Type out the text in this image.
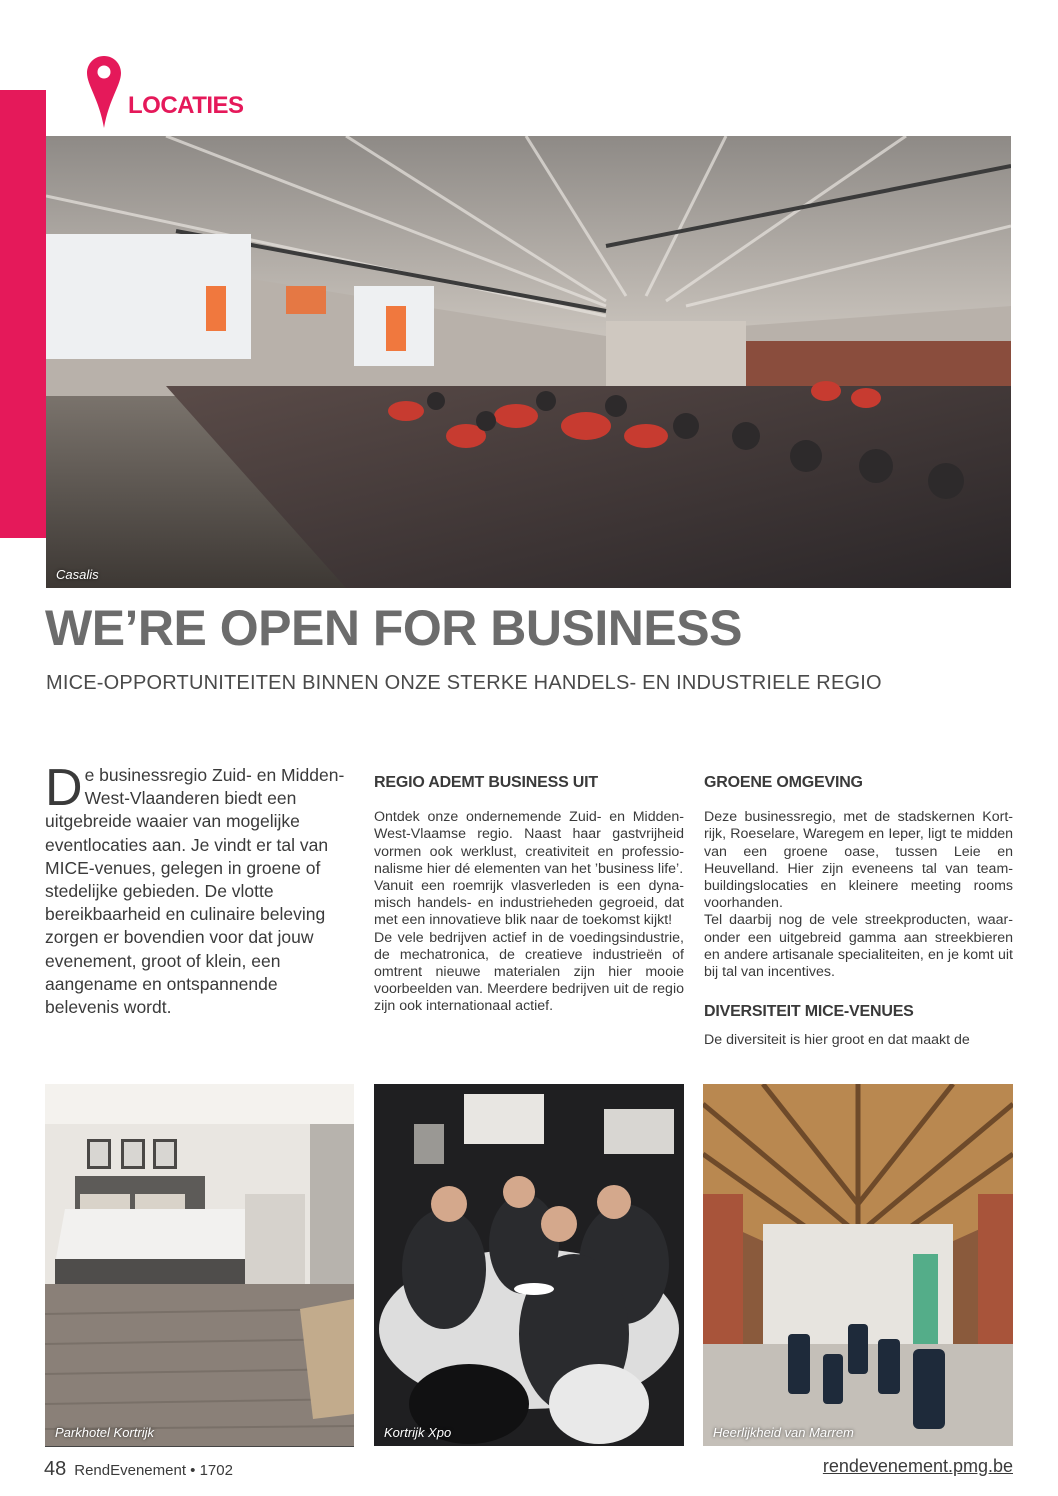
LOCATIES
Casalis
WE’RE OPEN FOR BUSINESS
MICE-OPPORTUNITEITEN BINNEN ONZE STERKE HANDELS- EN INDUSTRIELE REGIO
De businessregio Zuid- en Midden-West-Vlaanderen biedt een uitgebreide waaier van mogelijke eventlocaties aan. Je vindt er tal van MICE-venues, gelegen in groene of stedelijke gebieden. De vlotte bereikbaarheid en culinaire beleving zorgen er bovendien voor dat jouw evenement, groot of klein, een aangename en ontspannende belevenis wordt.
REGIO ADEMT BUSINESS UIT

Ontdek onze ondernemende Zuid- en Midden-West-Vlaamse regio. Naast haar gastvrijheid vormen ook werklust, creativiteit en professionalisme hier dé elementen van het ’business life’.

Vanuit een roemrijk vlasverleden is een dynamisch handels- en industrieheden gegroeid, dat met een innovatieve blik naar de toekomst kijkt!

De vele bedrijven actief in de voedingsindustrie, de mechatronica, de creatieve industrieën of omtrent nieuwe materialen zijn hier mooie voorbeelden van. Meerdere bedrijven uit de regio zijn ook internationaal actief.

GROENE OMGEVING

Deze businessregio, met de stadskernen Kortrijk, Roeselare, Waregem en Ieper, ligt te midden van een groene oase, tussen Leie en Heuvelland. Hier zijn eveneens tal van teambuildingslocaties en kleinere meeting rooms voorhanden.

Tel daarbij nog de vele streekproducten, waaronder een uitgebreid gamma aan streekbieren en andere artisanale specialiteiten, en je komt uit bij tal van incentives.

DIVERSITEIT MICE-VENUES

De diversiteit is hier groot en dat maakt de

Parkhotel Kortrijk	Kortrijk Xpo	Heerlijkheid van Marrem
48 RendEvenement • 1702	rendevenement.pmg.be
